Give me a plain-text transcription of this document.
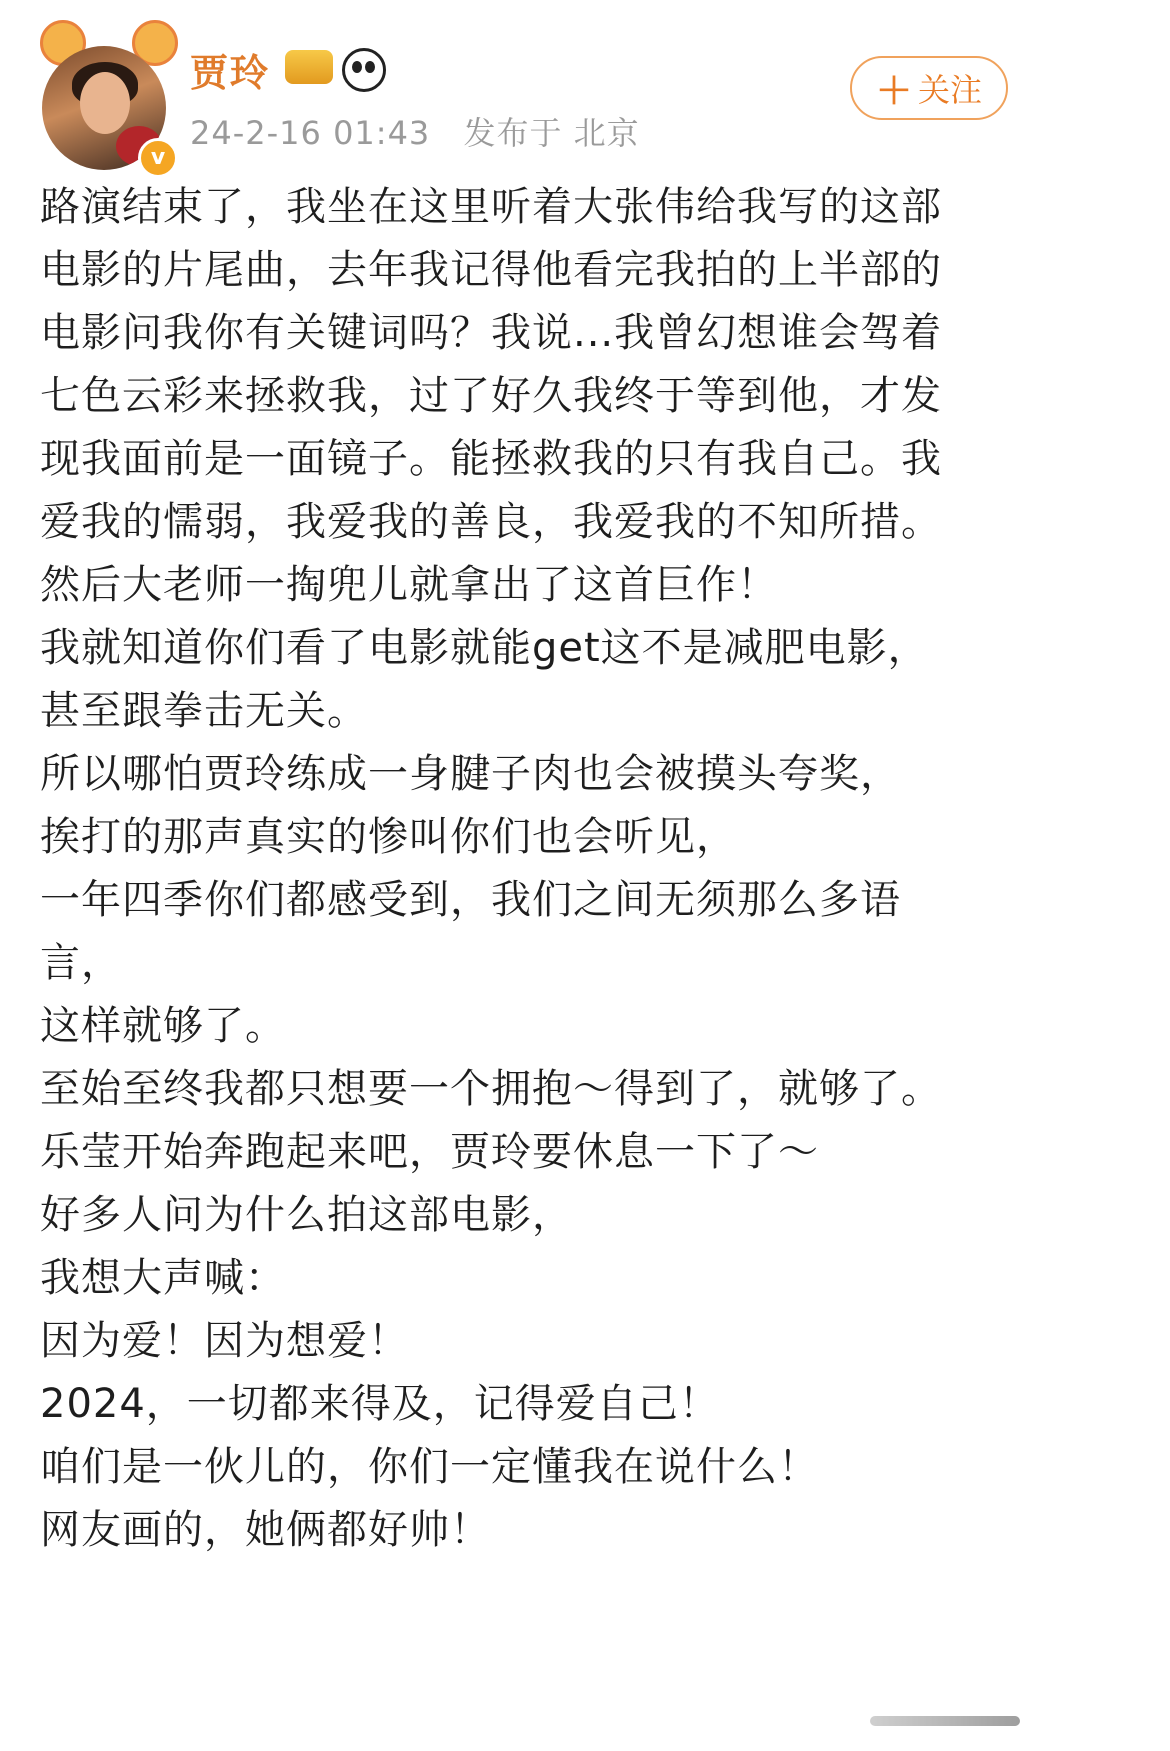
v
贾玲
24-2-16 01:43 发布于 北京
＋ 关注
路演结束了，我坐在这里听着大张伟给我写的这部
电影的片尾曲，去年我记得他看完我拍的上半部的
电影问我你有关键词吗？我说...我曾幻想谁会驾着
七色云彩来拯救我，过了好久我终于等到他，才发
现我面前是一面镜子。能拯救我的只有我自己。我
爱我的懦弱，我爱我的善良，我爱我的不知所措。
然后大老师一掏兜儿就拿出了这首巨作！
我就知道你们看了电影就能get这不是减肥电影，
甚至跟拳击无关。
所以哪怕贾玲练成一身腱子肉也会被摸头夸奖，
挨打的那声真实的惨叫你们也会听见，
一年四季你们都感受到，我们之间无须那么多语
言，
这样就够了。
至始至终我都只想要一个拥抱～得到了，就够了。
乐莹开始奔跑起来吧，贾玲要休息一下了～
好多人问为什么拍这部电影，
我想大声喊：
因为爱！因为想爱！
2024，一切都来得及，记得爱自己！
咱们是一伙儿的，你们一定懂我在说什么！
网友画的，她俩都好帅！
